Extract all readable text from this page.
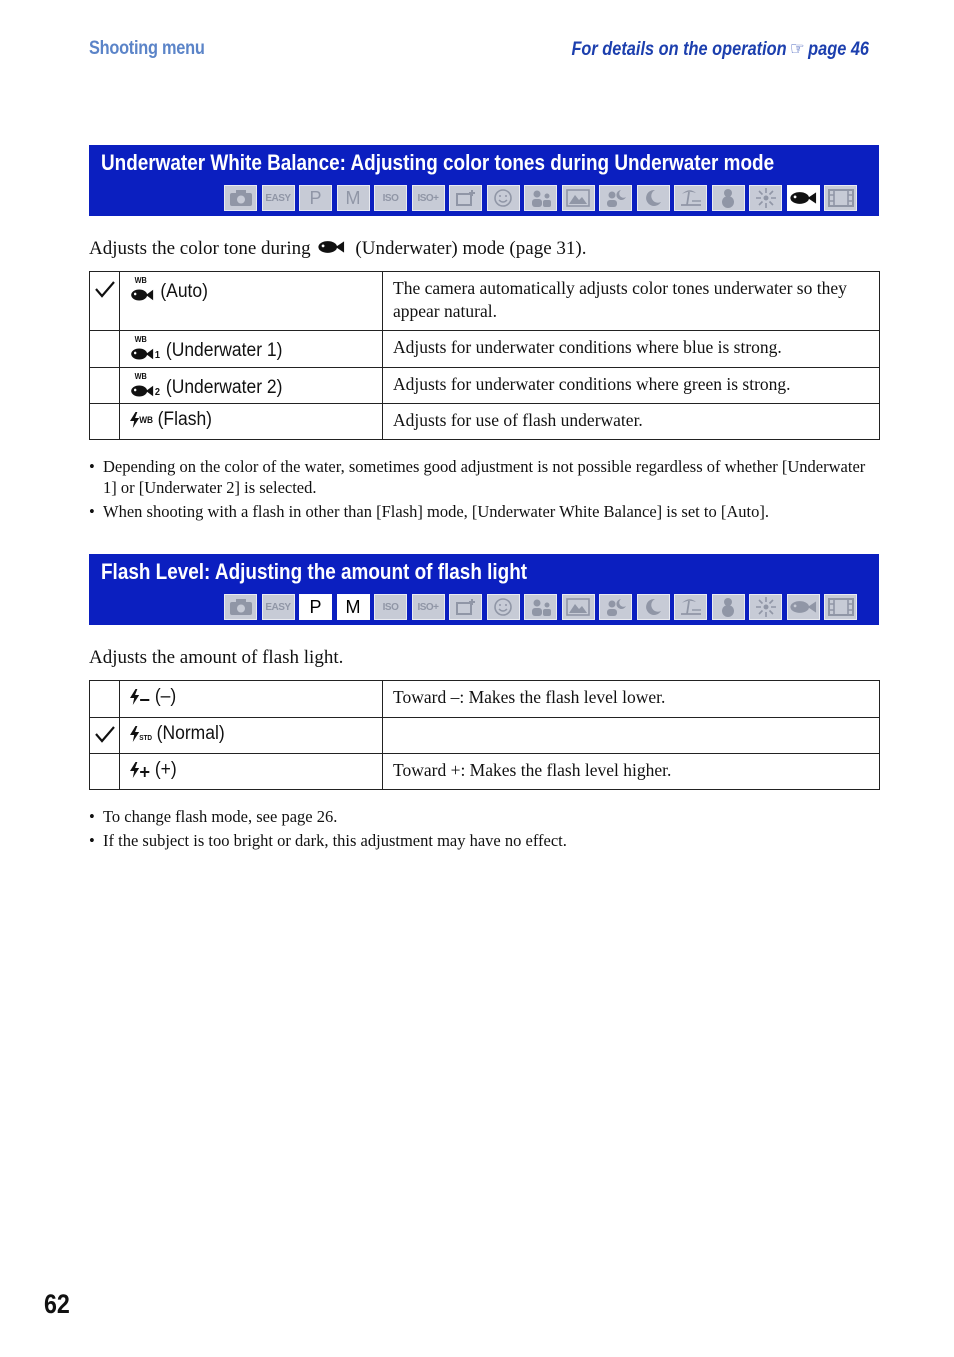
Shooting menu	For details on the operation ☞ page 46
Underwater White Balance: Adjusting color tones during Underwater mode
EASY P M ISO ISO+
Adjusts the color tone during (Underwater) mode (page 31).

WB
(Auto)	The camera automatically adjusts color tones underwater so they appear natural.

	WB
1 (Underwater 1)	Adjusts for underwater conditions where blue is strong.

	WB
2 (Underwater 2)	Adjusts for underwater conditions where green is strong.

	WB (Flash)	Adjusts for use of flash underwater.
• Depending on the color of the water, sometimes good adjustment is not possible regardless of whether [Underwater 1] or [Underwater 2] is selected.
• When shooting with a flash in other than [Flash] mode, [Underwater White Balance] is set to [Auto].
Flash Level: Adjusting the amount of flash light
EASY P M ISO ISO+
Adjusts the amount of flash light.

	(–)	Toward –: Makes the flash level lower.

STD (Normal)	

	(+)	Toward +: Makes the flash level higher.
• To change flash mode, see page 26.
• If the subject is too bright or dark, this adjustment may have no effect.
62
